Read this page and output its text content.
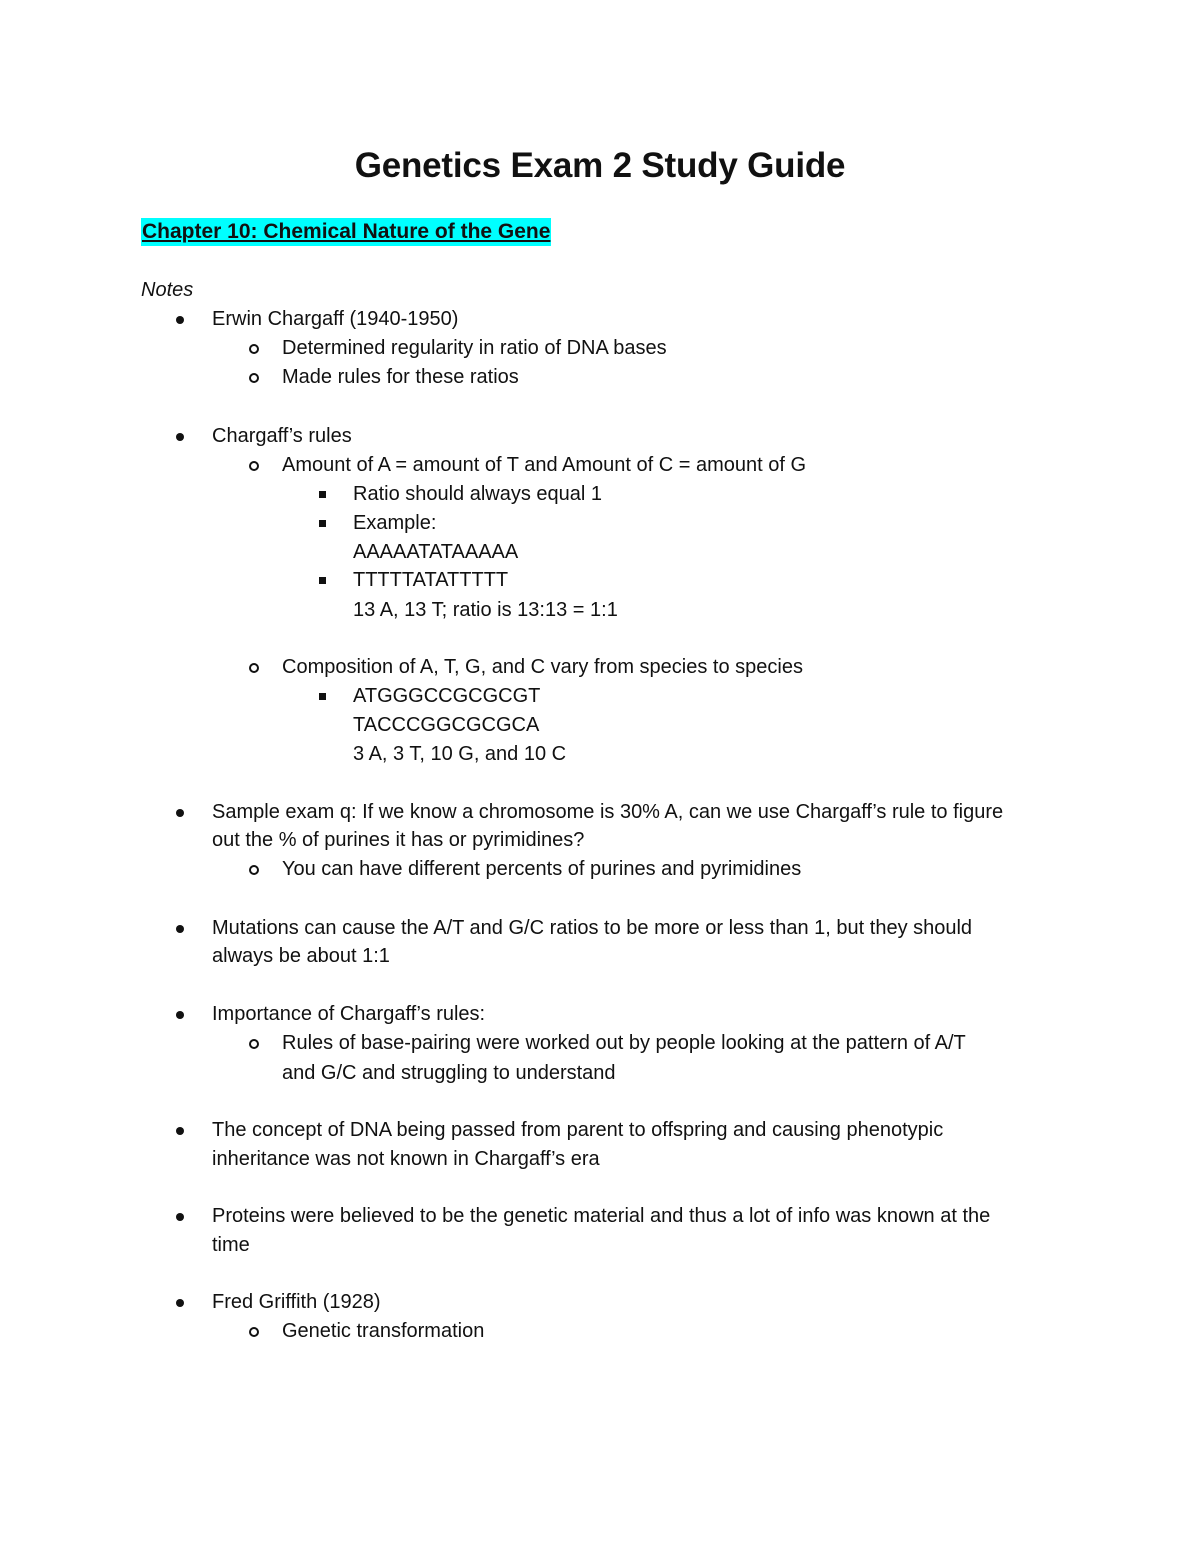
Genetics Exam 2 Study Guide
Chapter 10: Chemical Nature of the Gene
Notes
Erwin Chargaff (1940-1950)
Determined regularity in ratio of DNA bases
Made rules for these ratios
Chargaff’s rules
Amount of A = amount of T and Amount of C = amount of G
Ratio should always equal 1
Example:
AAAAATATAAAAA
TTTTTATATTTTT
13 A, 13 T; ratio is 13:13 = 1:1
Composition of A, T, G, and C vary from species to species
ATGGGCCGCGCGT
TACCCGGCGCGCA
3 A, 3 T, 10 G, and 10 C
Sample exam q: If we know a chromosome is 30% A, can we use Chargaff’s rule to figure
out the % of purines it has or pyrimidines?
You can have different percents of purines and pyrimidines
Mutations can cause the A/T and G/C ratios to be more or less than 1, but they should
always be about 1:1
Importance of Chargaff’s rules:
Rules of base-pairing were worked out by people looking at the pattern of A/T
and G/C and struggling to understand
The concept of DNA being passed from parent to offspring and causing phenotypic
inheritance was not known in Chargaff’s era
Proteins were believed to be the genetic material and thus a lot of info was known at the
time
Fred Griffith (1928)
Genetic transformation
